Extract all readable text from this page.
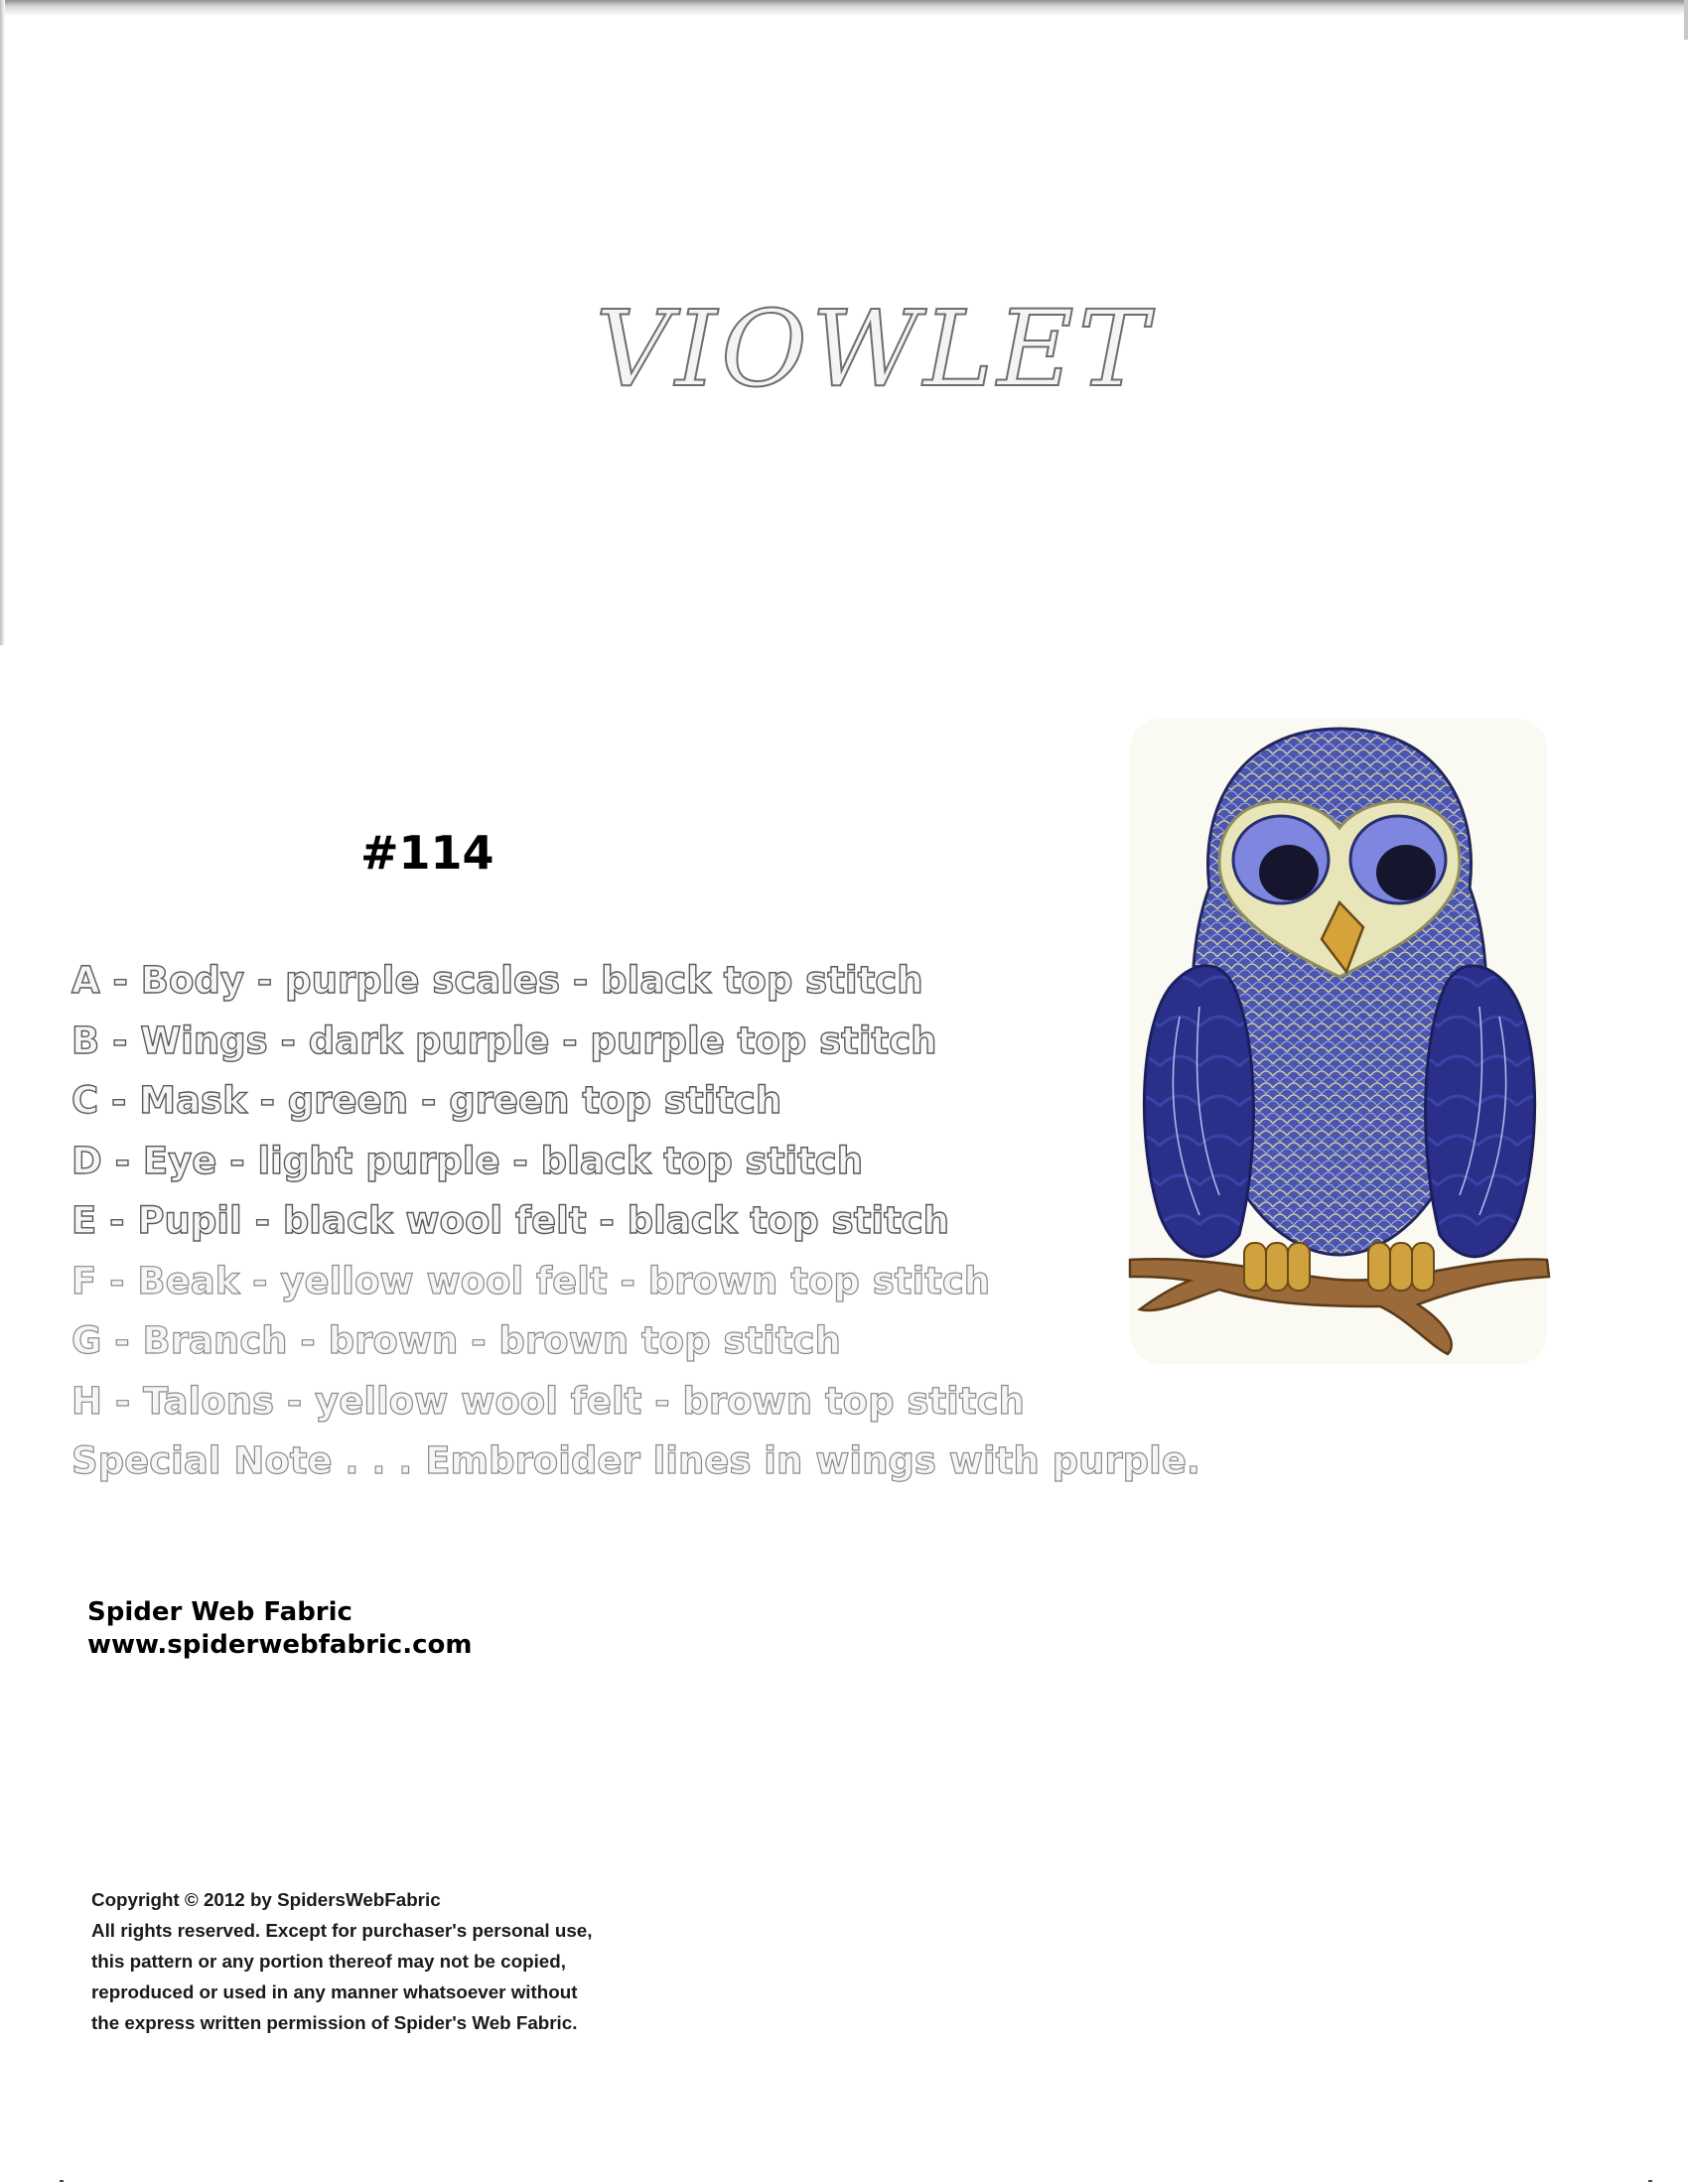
VIOWLET
#114
A - Body - purple scales - black top stitch
B - Wings - dark purple - purple top stitch
C - Mask - green - green top stitch
D - Eye - light purple - black top stitch
E - Pupil - black wool felt - black top stitch
F - Beak - yellow wool felt - brown top stitch
G - Branch - brown - brown top stitch
H - Talons - yellow wool felt - brown top stitch
Special Note . . . Embroider lines in wings with purple.
Spider Web Fabric
www.spiderwebfabric.com
Copyright © 2012 by SpidersWebFabric
All rights reserved. Except for purchaser's personal use,
this pattern or any portion thereof may not be copied,
reproduced or used in any manner whatsoever without
the express written permission of Spider's Web Fabric.
